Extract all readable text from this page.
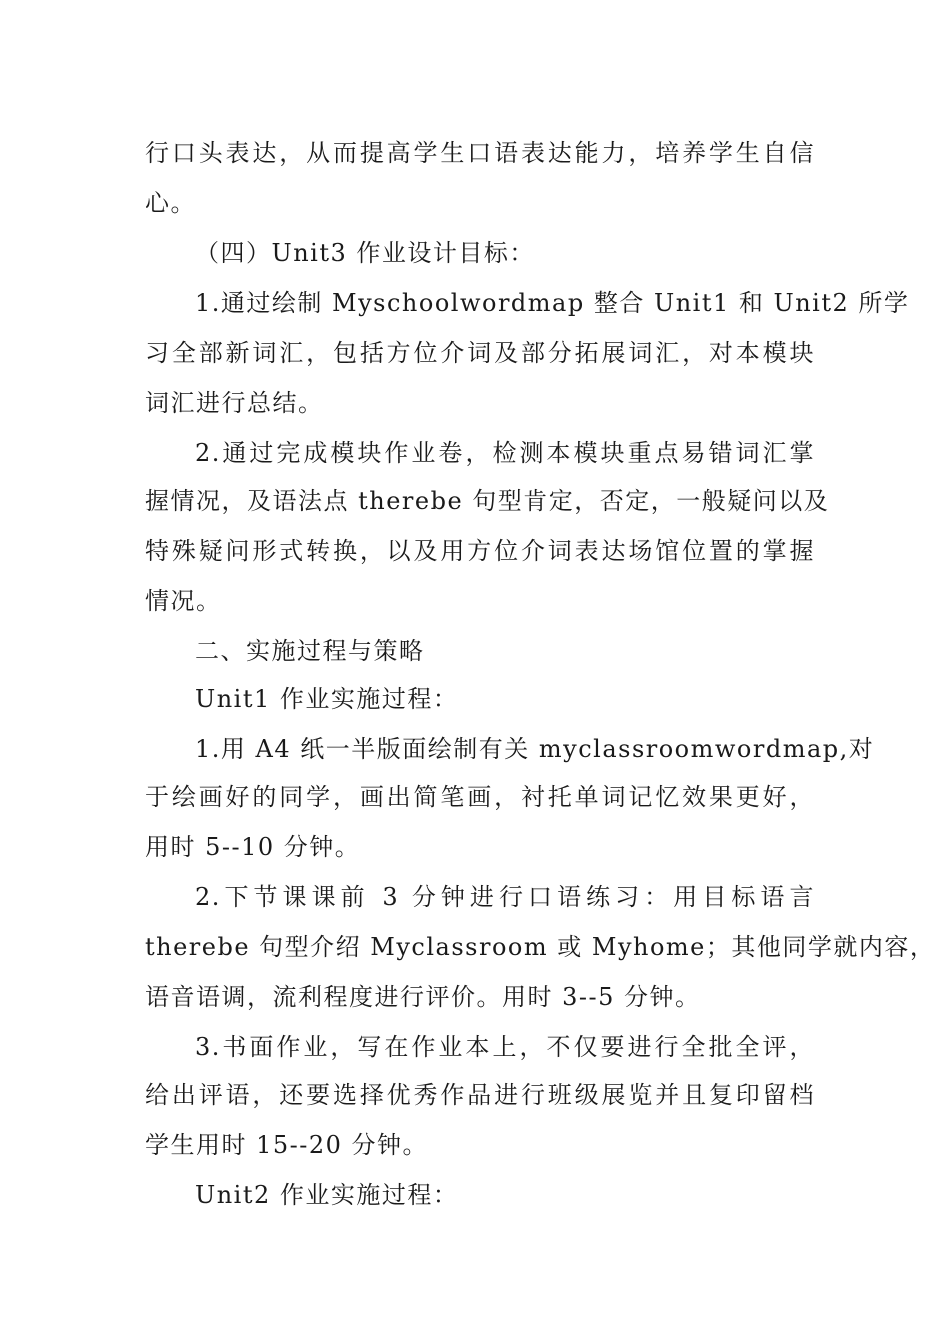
行口头表达，从而提高学生口语表达能力，培养学生自信
心。
（四）Unit3 作业设计目标：
1.通过绘制 Myschoolwordmap 整合 Unit1 和 Unit2 所学
习全部新词汇，包括方位介词及部分拓展词汇，对本模块
词汇进行总结。
2.通过完成模块作业卷，检测本模块重点易错词汇掌
握情况，及语法点 therebe 句型肯定，否定，一般疑问以及
特殊疑问形式转换，以及用方位介词表达场馆位置的掌握
情况。
二、实施过程与策略
Unit1 作业实施过程：
1.用 A4 纸一半版面绘制有关 myclassroomwordmap,对
于绘画好的同学，画出简笔画，衬托单词记忆效果更好，
用时 5--10 分钟。
2.下节课课前 3 分钟进行口语练习：用目标语言
therebe 句型介绍 Myclassroom 或 Myhome；其他同学就内容，
语音语调，流利程度进行评价。用时 3--5 分钟。
3.书面作业，写在作业本上，不仅要进行全批全评，
给出评语，还要选择优秀作品进行班级展览并且复印留档
学生用时 15--20 分钟。
Unit2 作业实施过程：
